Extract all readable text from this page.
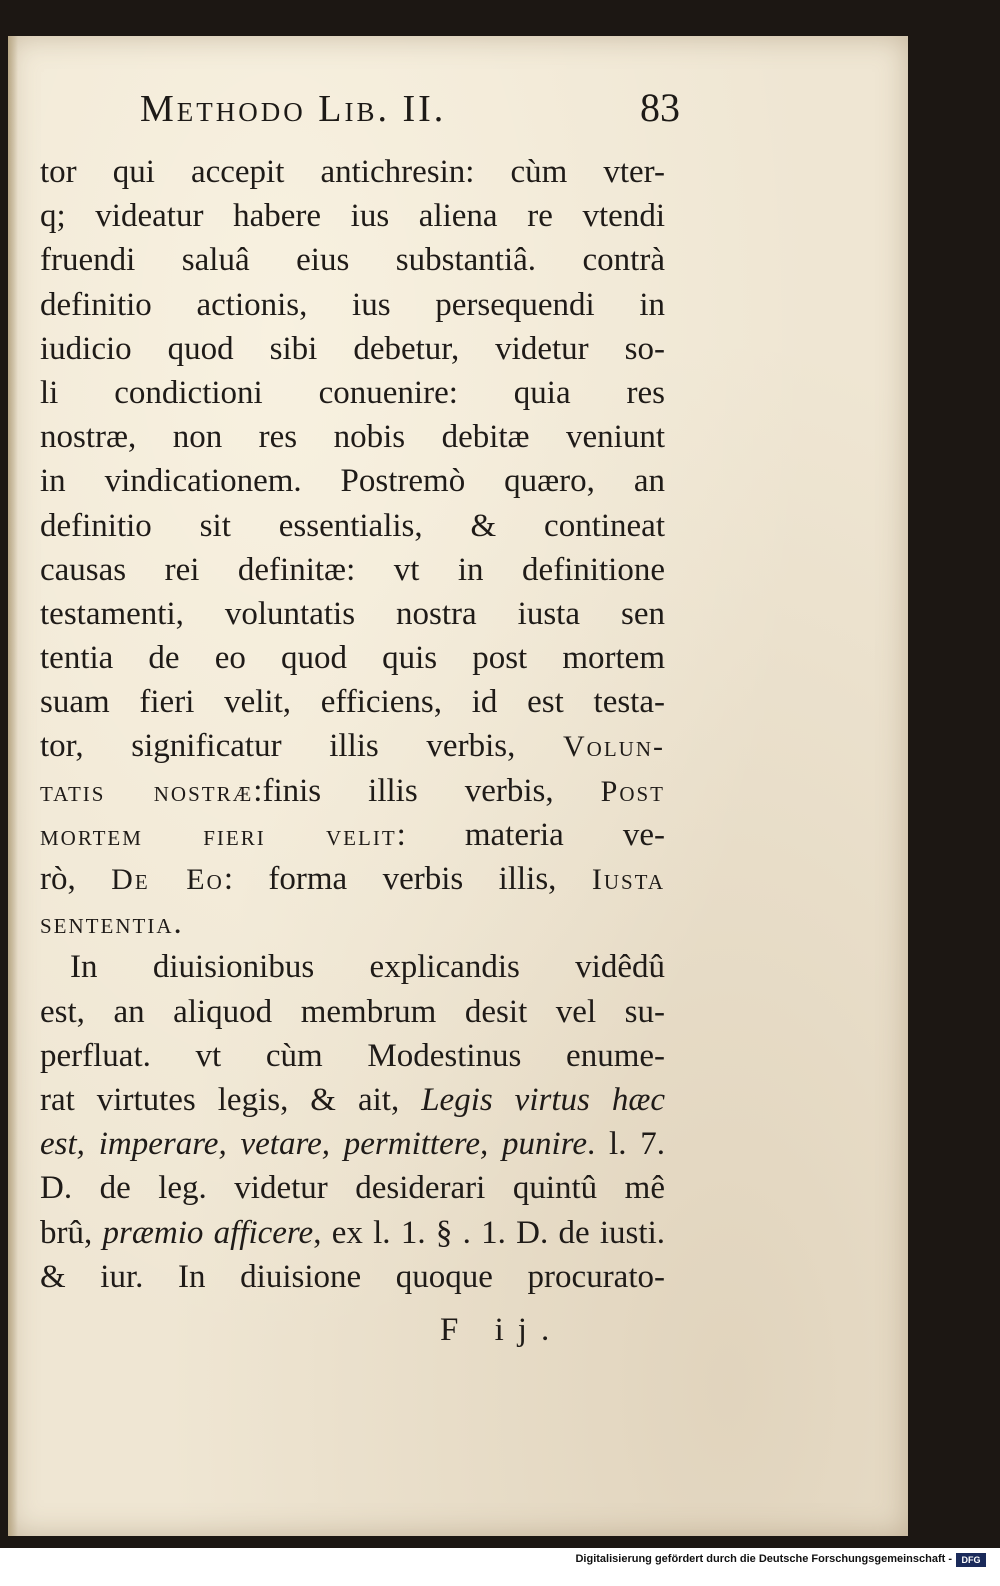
Methodo Lib. II.	83
tor qui accepit antichresin: cùm vter-
q; videatur habere ius aliena re vtendi
fruendi saluâ eius substantiâ. contrà
definitio actionis, ius persequendi in
iudicio quod sibi debetur, videtur so-
li condictioni conuenire: quia res
nostræ, non res nobis debitæ veniunt
in vindicationem. Postremò quæro, an
definitio sit essentialis, & contineat
causas rei definitæ: vt in definitione
testamenti, voluntatis nostra iusta sen
tentia de eo quod quis post mortem
suam fieri velit, efficiens, id est testa-
tor, significatur illis verbis, Volun-
tatis nostræ:finis illis verbis, Post
mortem fieri velit: materia ve-
rò, De Eo: forma verbis illis, Iusta
sententia.
In diuisionibus explicandis vidêdû
est, an aliquod membrum desit vel su-
perfluat. vt cùm Modestinus enume-
rat virtutes legis, & ait, Legis virtus hæc
est, imperare, vetare, permittere, punire. l. 7.
D. de leg. videtur desiderari quintû mê
brû, præmio afficere, ex l. 1. § . 1. D. de iusti.
& iur. In diuisione quoque procurato-
F ij.
Digitalisierung gefördert durch die Deutsche Forschungsgemeinschaft -	DFG
